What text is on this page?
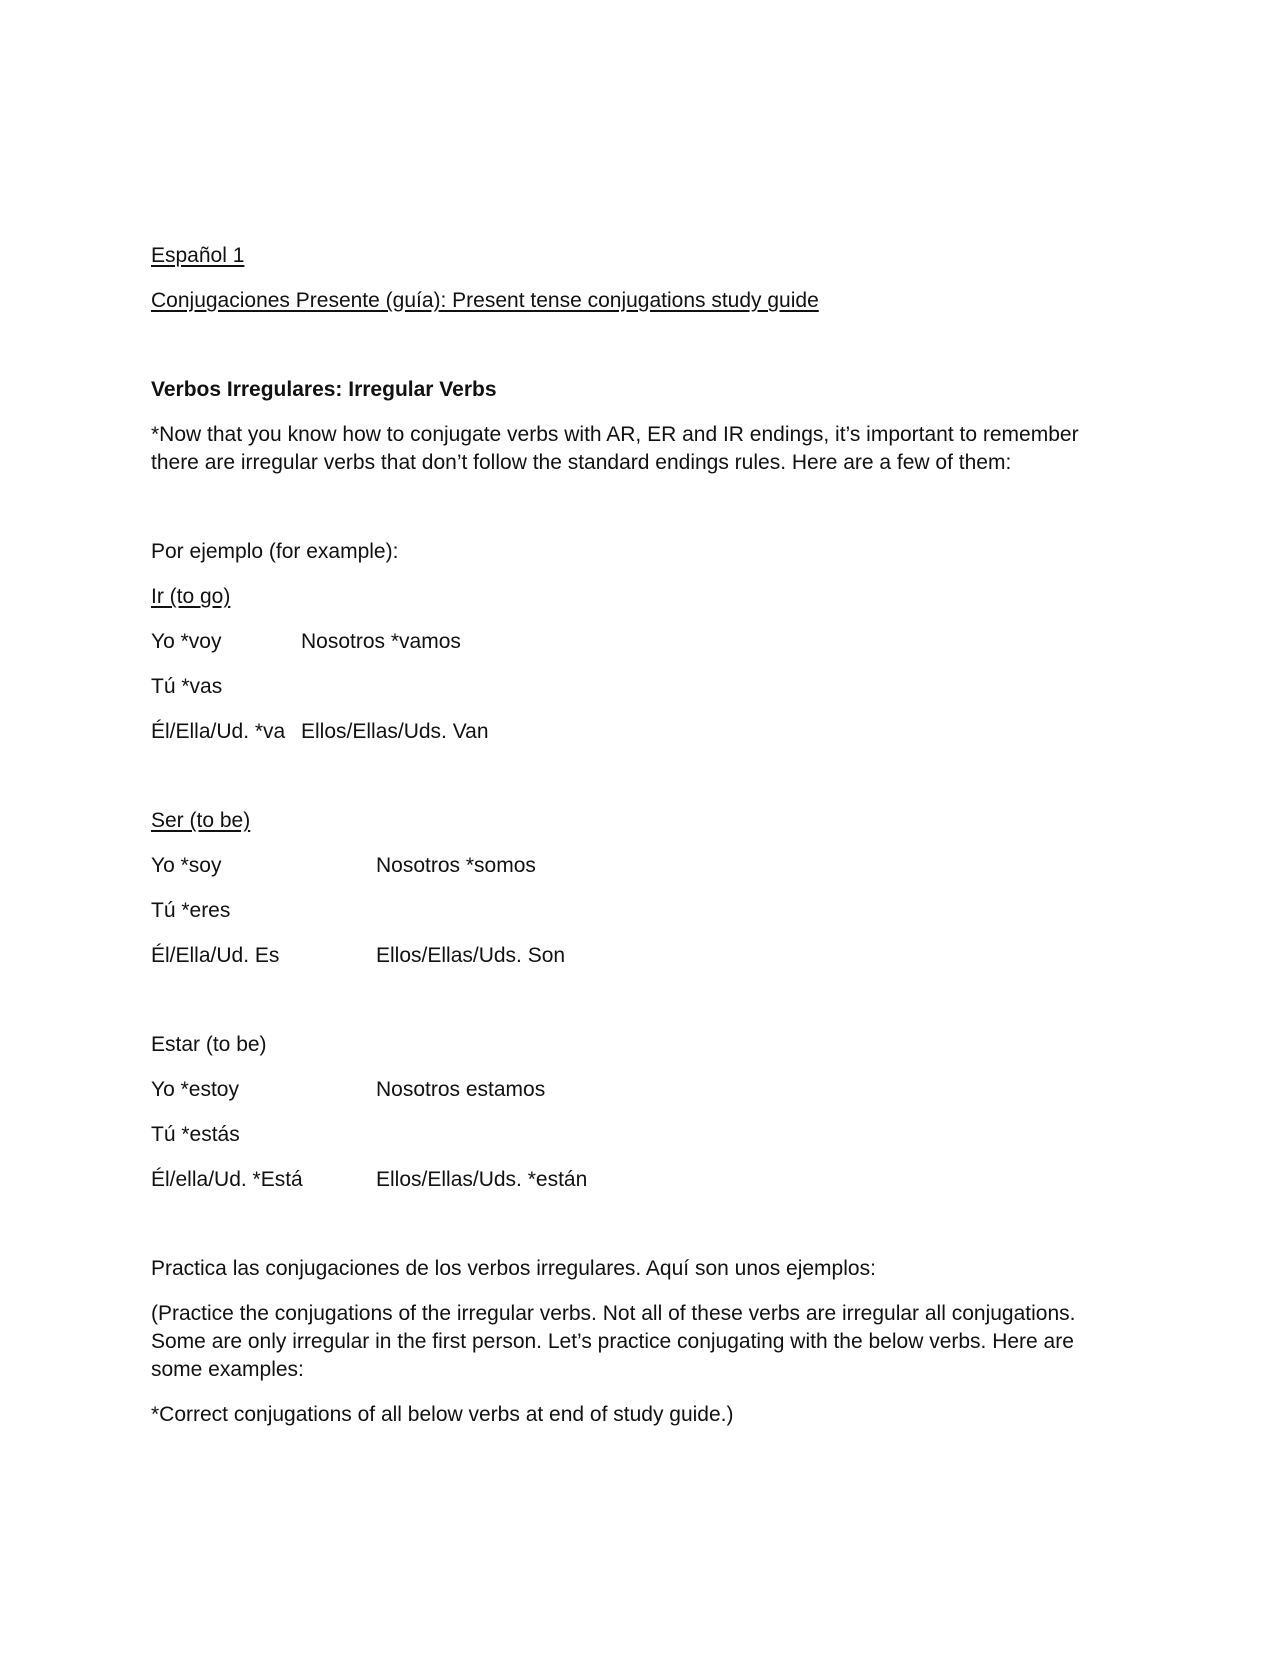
Español 1

Conjugaciones Presente (guía): Present tense conjugations study guide

Verbos Irregulares: Irregular Verbs

*Now that you know how to conjugate verbs with AR, ER and IR endings, it’s important to remember there are irregular verbs that don’t follow the standard endings rules. Here are a few of them:

Por ejemplo (for example):

Ir (to go)

Yo *voy	Nosotros *vamos
Tú *vas
Él/Ella/Ud. *va Ellos/Ellas/Uds. Van

Ser (to be)

Yo *soy	Nosotros *somos
Tú *eres
Él/Ella/Ud. Es	Ellos/Ellas/Uds. Son

Estar (to be)

Yo *estoy	Nosotros estamos
Tú *estás
Él/ella/Ud. *Está	Ellos/Ellas/Uds. *están

Practica las conjugaciones de los verbos irregulares. Aquí son unos ejemplos:

(Practice the conjugations of the irregular verbs. Not all of these verbs are irregular all conjugations. Some are only irregular in the first person. Let’s practice conjugating with the below verbs. Here are some examples:

*Correct conjugations of all below verbs at end of study guide.)
